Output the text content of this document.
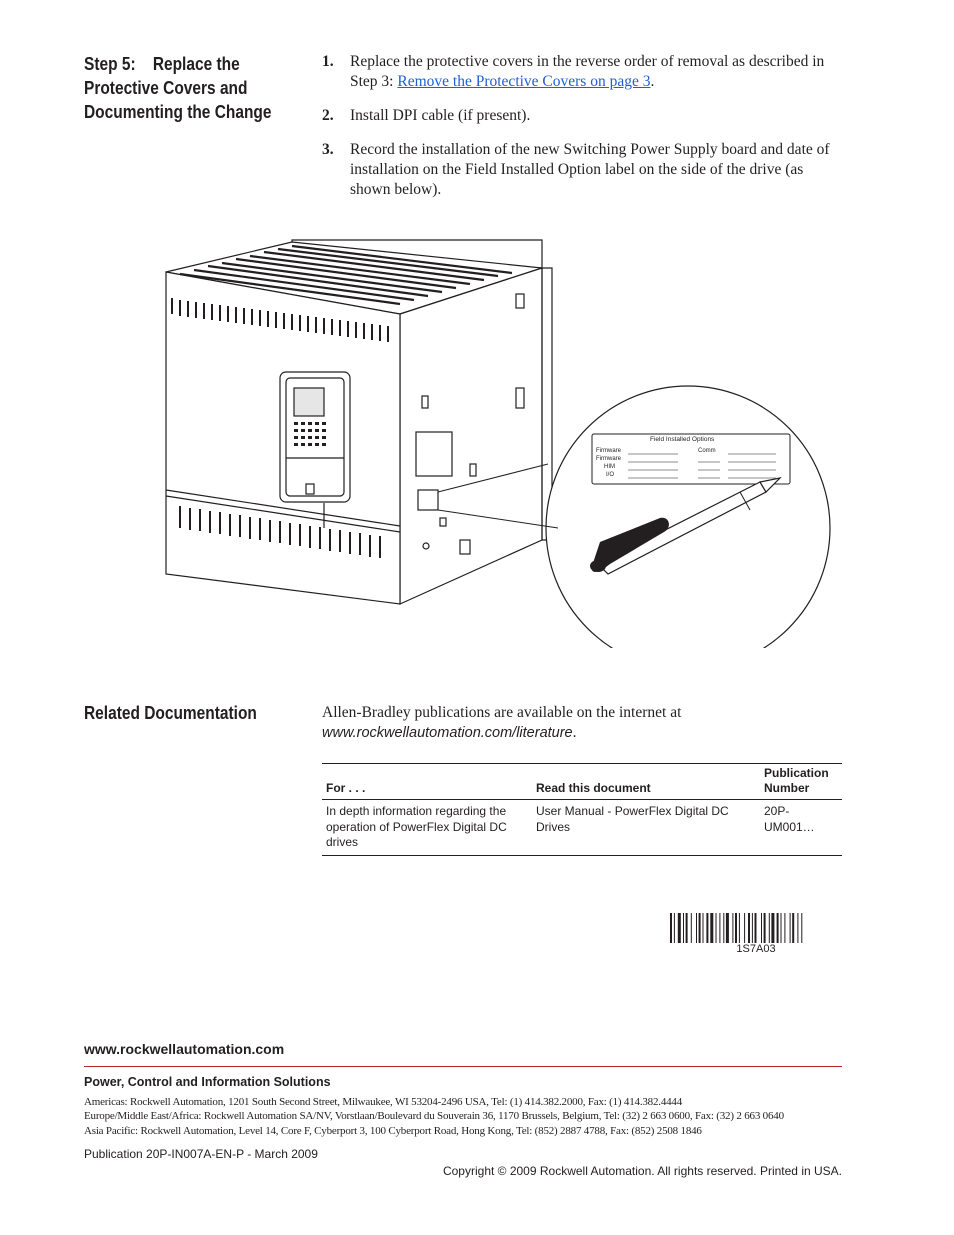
Step 5:    Replace the
Protective Covers and
Documenting the Change
1. Replace the protective covers in the reverse order of removal as described in Step 3: Remove the Protective Covers on page 3.
2. Install DPI cable (if present).
3. Record the installation of the new Switching Power Supply board and date of installation on the Field Installed Option label on the side of the drive (as shown below).
Field Installed Options
Firmware
Firmware
HIM
I/O
Comm
Related Documentation	Allen-Bradley publications are available on the internet at
www.rockwellautomation.com/literature.
For . . .	Read this document	Publication Number
In depth information regarding the operation of PowerFlex Digital DC drives	User Manual - PowerFlex Digital DC Drives	20P-UM001…
1S7A03
www.rockwellautomation.com
Power, Control and Information Solutions
Americas: Rockwell Automation, 1201 South Second Street, Milwaukee, WI 53204-2496 USA, Tel: (1) 414.382.2000, Fax: (1) 414.382.4444
Europe/Middle East/Africa: Rockwell Automation SA/NV, Vorstlaan/Boulevard du Souverain 36, 1170 Brussels, Belgium, Tel: (32) 2 663 0600, Fax: (32) 2 663 0640
Asia Pacific: Rockwell Automation, Level 14, Core F, Cyberport 3, 100 Cyberport Road, Hong Kong, Tel: (852) 2887 4788, Fax: (852) 2508 1846
Publication 20P-IN007A-EN-P - March 2009
Copyright © 2009 Rockwell Automation. All rights reserved. Printed in USA.
